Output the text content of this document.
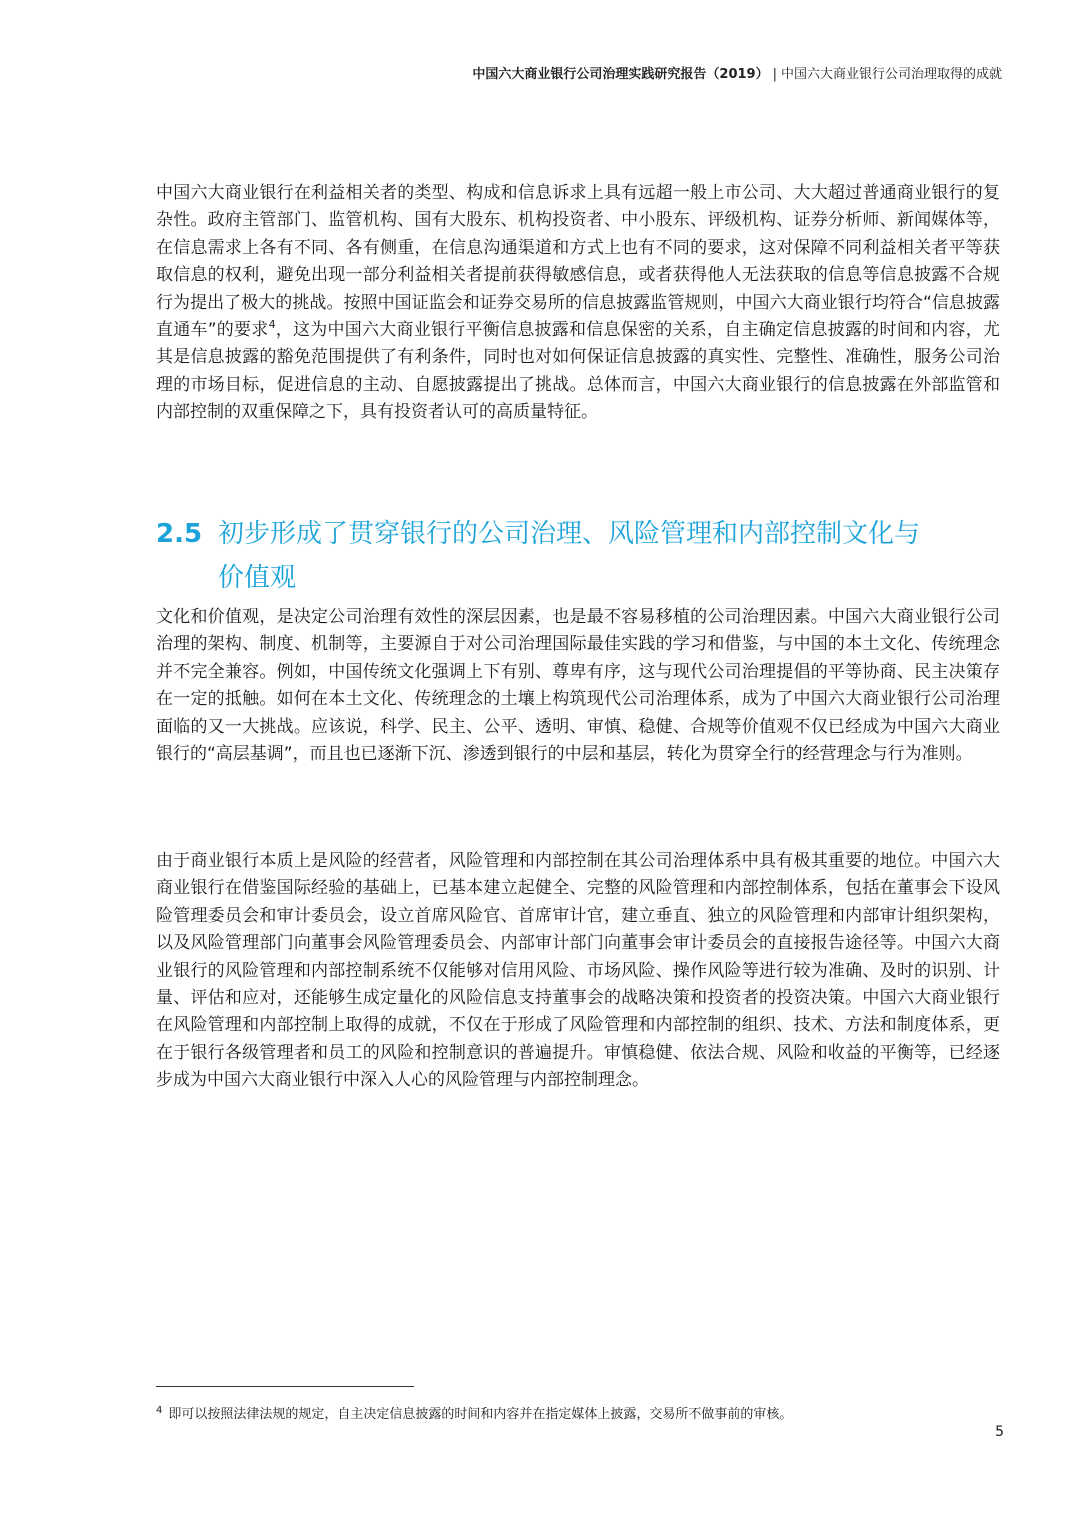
中国六大商业银行公司治理实践研究报告（2019） | 中国六大商业银行公司治理取得的成就

中国六大商业银行在利益相关者的类型、构成和信息诉求上具有远超一般上市公司、大大超过普通商业银行的复杂性。政府主管部门、监管机构、国有大股东、机构投资者、中小股东、评级机构、证券分析师、新闻媒体等，在信息需求上各有不同、各有侧重，在信息沟通渠道和方式上也有不同的要求，这对保障不同利益相关者平等获取信息的权利，避免出现一部分利益相关者提前获得敏感信息，或者获得他人无法获取的信息等信息披露不合规行为提出了极大的挑战。按照中国证监会和证券交易所的信息披露监管规则，中国六大商业银行均符合“信息披露直通车”的要求$^4$，这为中国六大商业银行平衡信息披露和信息保密的关系，自主确定信息披露的时间和内容，尤其是信息披露的豁免范围提供了有利条件，同时也对如何保证信息披露的真实性、完整性、准确性，服务公司治理的市场目标，促进信息的主动、自愿披露提出了挑战。总体而言，中国六大商业银行的信息披露在外部监管和内部控制的双重保障之下，具有投资者认可的高质量特征。

2.5 初步形成了贯穿银行的公司治理、风险管理和内部控制文化与
价值观

文化和价值观，是决定公司治理有效性的深层因素，也是最不容易移植的公司治理因素。中国六大商业银行公司治理的架构、制度、机制等，主要源自于对公司治理国际最佳实践的学习和借鉴，与中国的本土文化、传统理念并不完全兼容。例如，中国传统文化强调上下有别、尊卑有序，这与现代公司治理提倡的平等协商、民主决策存在一定的抵触。如何在本土文化、传统理念的土壤上构筑现代公司治理体系，成为了中国六大商业银行公司治理面临的又一大挑战。应该说，科学、民主、公平、透明、审慎、稳健、合规等价值观不仅已经成为中国六大商业银行的“高层基调”，而且也已逐渐下沉、渗透到银行的中层和基层，转化为贯穿全行的经营理念与行为准则。

由于商业银行本质上是风险的经营者，风险管理和内部控制在其公司治理体系中具有极其重要的地位。中国六大商业银行在借鉴国际经验的基础上，已基本建立起健全、完整的风险管理和内部控制体系，包括在董事会下设风险管理委员会和审计委员会，设立首席风险官、首席审计官，建立垂直、独立的风险管理和内部审计组织架构，以及风险管理部门向董事会风险管理委员会、内部审计部门向董事会审计委员会的直接报告途径等。中国六大商业银行的风险管理和内部控制系统不仅能够对信用风险、市场风险、操作风险等进行较为准确、及时的识别、计量、评估和应对，还能够生成定量化的风险信息支持董事会的战略决策和投资者的投资决策。中国六大商业银行在风险管理和内部控制上取得的成就，不仅在于形成了风险管理和内部控制的组织、技术、方法和制度体系，更在于银行各级管理者和员工的风险和控制意识的普遍提升。审慎稳健、依法合规、风险和收益的平衡等，已经逐步成为中国六大商业银行中深入人心的风险管理与内部控制理念。

$^4$ 即可以按照法律法规的规定，自主决定信息披露的时间和内容并在指定媒体上披露，交易所不做事前的审核。
5
